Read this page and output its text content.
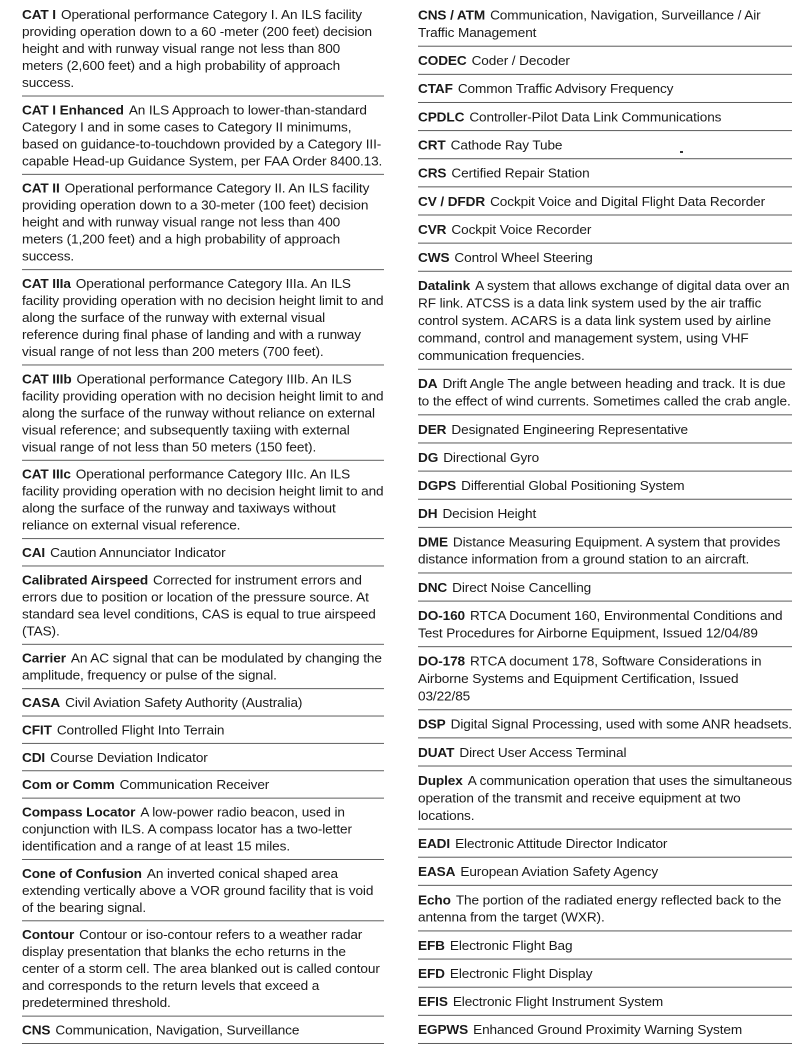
CAT I Operational performance Category I. An ILS facility providing operation down to a 60 -meter (200 feet) decision height and with runway visual range not less than 800 meters (2,600 feet) and a high probability of approach success.
CAT I Enhanced An ILS Approach to lower-than-standard Category I and in some cases to Category II minimums, based on guidance-to-touchdown provided by a Category III-capable Head-up Guidance System, per FAA Order 8400.13.
CAT II Operational performance Category II. An ILS facility providing operation down to a 30-meter (100 feet) decision height and with runway visual range not less than 400 meters (1,200 feet) and a high probability of approach success.
CAT IIIa Operational performance Category IIIa. An ILS facility providing operation with no decision height limit to and along the surface of the runway with external visual reference during final phase of landing and with a runway visual range of not less than 200 meters (700 feet).
CAT IIIb Operational performance Category IIIb. An ILS facility providing operation with no decision height limit to and along the surface of the runway without reliance on external visual reference; and subsequently taxiing with external visual range of not less than 50 meters (150 feet).
CAT IIIc Operational performance Category IIIc. An ILS facility providing operation with no decision height limit to and along the surface of the runway and taxiways without reliance on external visual reference.
CAI Caution Annunciator Indicator
Calibrated Airspeed Corrected for instrument errors and errors due to position or location of the pressure source. At standard sea level conditions, CAS is equal to true airspeed (TAS).
Carrier An AC signal that can be modulated by changing the amplitude, frequency or pulse of the signal.
CASA Civil Aviation Safety Authority (Australia)
CFIT Controlled Flight Into Terrain
CDI Course Deviation Indicator
Com or Comm Communication Receiver
Compass Locator A low-power radio beacon, used in conjunction with ILS. A compass locator has a two-letter identification and a range of at least 15 miles.
Cone of Confusion An inverted conical shaped area extending vertically above a VOR ground facility that is void of the bearing signal.
Contour Contour or iso-contour refers to a weather radar display presentation that blanks the echo returns in the center of a storm cell. The area blanked out is called contour and corresponds to the return levels that exceed a predetermined threshold.
CNS Communication, Navigation, Surveillance
CNS / ATM Communication, Navigation, Surveillance / Air Traffic Management
CODEC Coder / Decoder
CTAF Common Traffic Advisory Frequency
CPDLC Controller-Pilot Data Link Communications
CRT Cathode Ray Tube
CRS Certified Repair Station
CV / DFDR Cockpit Voice and Digital Flight Data Recorder
CVR Cockpit Voice Recorder
CWS Control Wheel Steering
Datalink A system that allows exchange of digital data over an RF link. ATCSS is a data link system used by the air traffic control system. ACARS is a data link system used by airline command, control and management system, using VHF communication frequencies.
DA Drift Angle The angle between heading and track. It is due to the effect of wind currents. Sometimes called the crab angle.
DER Designated Engineering Representative
DG Directional Gyro
DGPS Differential Global Positioning System
DH Decision Height
DME Distance Measuring Equipment. A system that provides distance information from a ground station to an aircraft.
DNC Direct Noise Cancelling
DO-160 RTCA Document 160, Environmental Conditions and Test Procedures for Airborne Equipment, Issued 12/04/89
DO-178 RTCA document 178, Software Considerations in Airborne Systems and Equipment Certification, Issued 03/22/85
DSP Digital Signal Processing, used with some ANR headsets.
DUAT Direct User Access Terminal
Duplex A communication operation that uses the simultaneous operation of the transmit and receive equipment at two locations.
EADI Electronic Attitude Director Indicator
EASA European Aviation Safety Agency
Echo The portion of the radiated energy reflected back to the antenna from the target (WXR).
EFB Electronic Flight Bag
EFD Electronic Flight Display
EFIS Electronic Flight Instrument System
EGPWS Enhanced Ground Proximity Warning System
